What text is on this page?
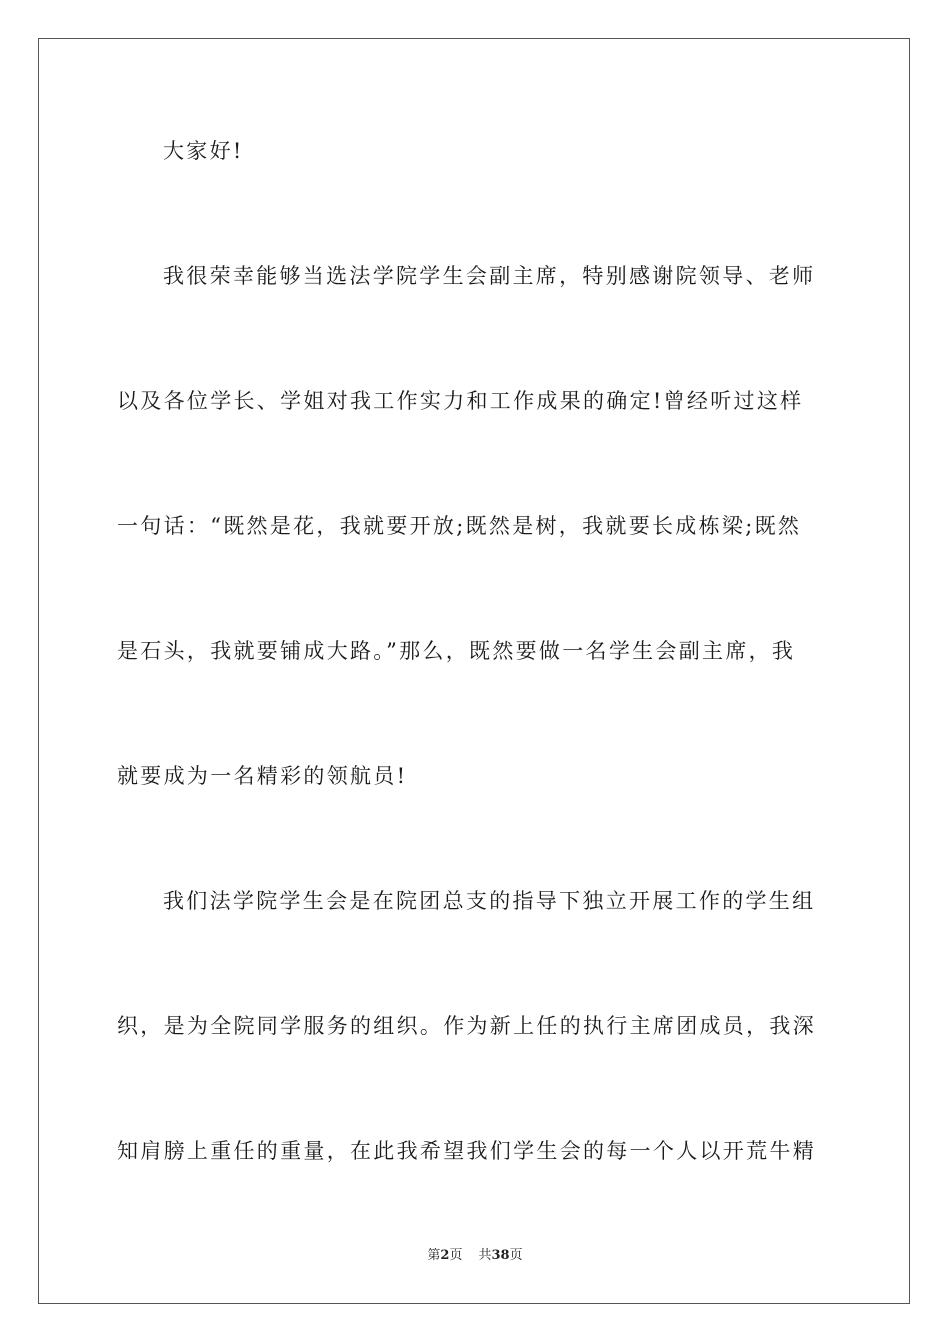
大家好!
我很荣幸能够当选法学院学生会副主席，特别感谢院领导、老师
以及各位学长、学姐对我工作实力和工作成果的确定!曾经听过这样
一句话：“既然是花，我就要开放;既然是树，我就要长成栋梁;既然
是石头，我就要铺成大路。”那么，既然要做一名学生会副主席，我
就要成为一名精彩的领航员!
我们法学院学生会是在院团总支的指导下独立开展工作的学生组
织，是为全院同学服务的组织。作为新上任的执行主席团成员，我深
知肩膀上重任的重量，在此我希望我们学生会的每一个人以开荒牛精
第2页 共38页
